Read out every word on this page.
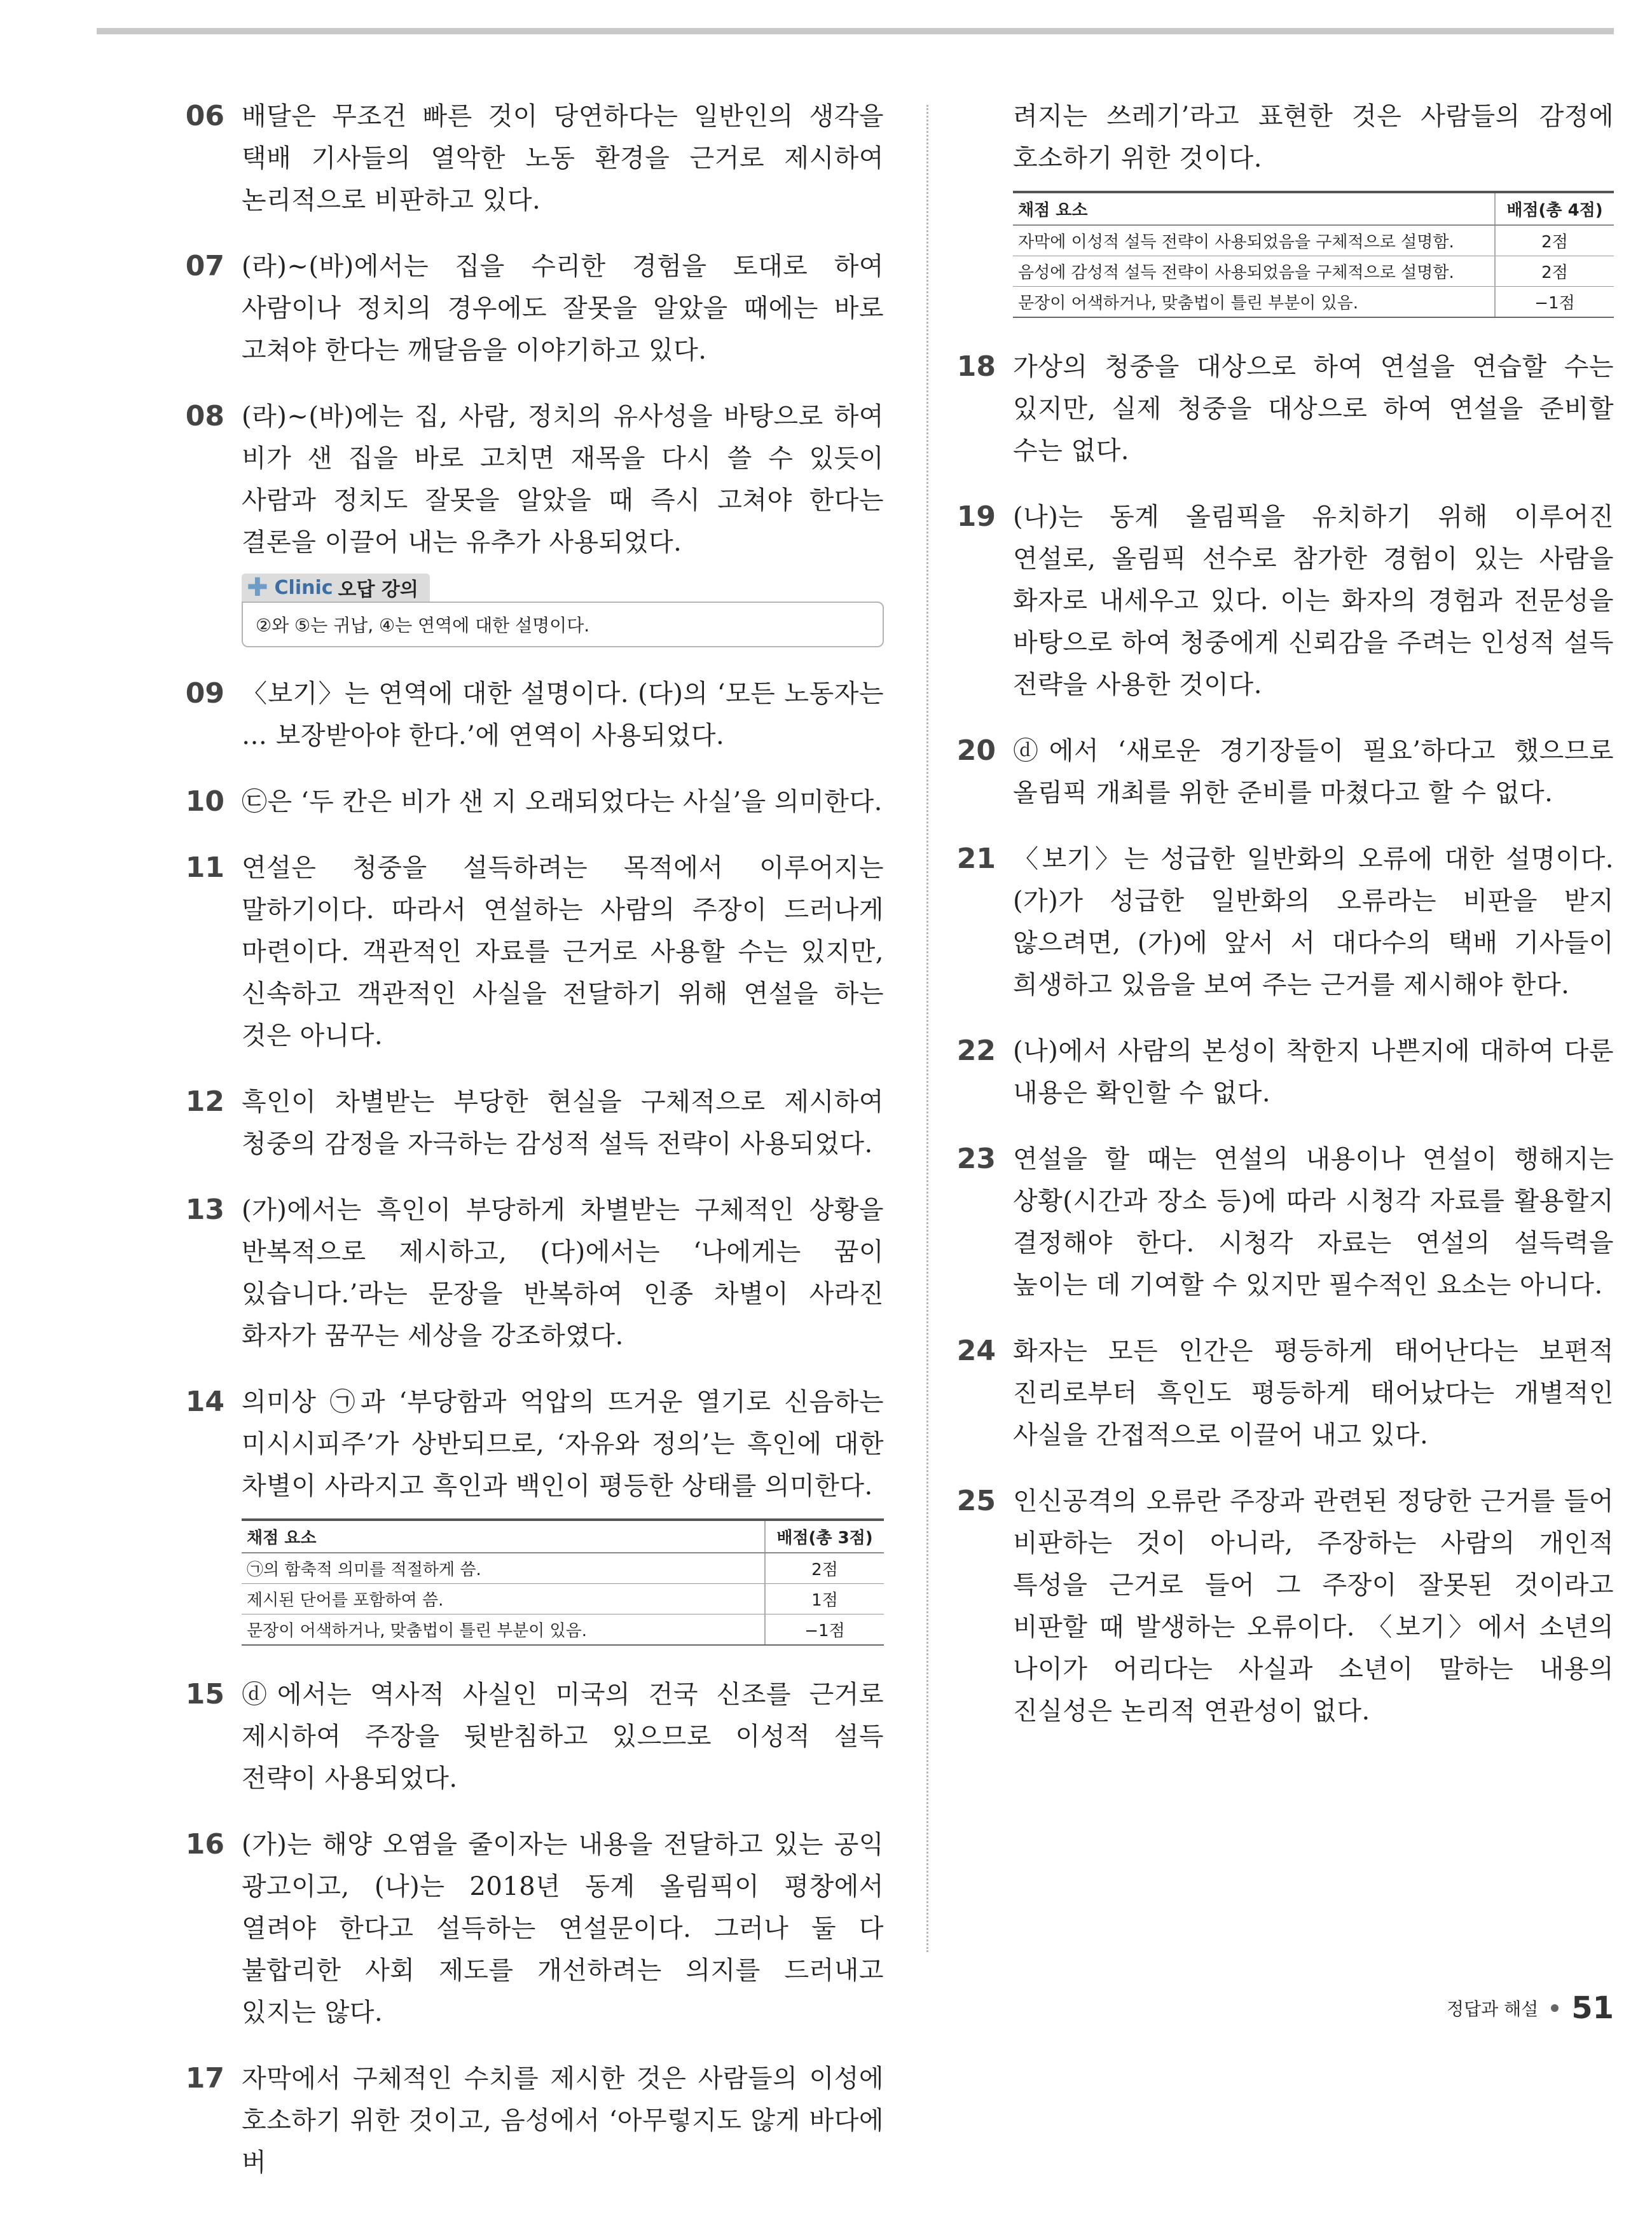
06 배달은 무조건 빠른 것이 당연하다는 일반인의 생각을 택배 기사들의 열악한 노동 환경을 근거로 제시하여 논리적으로 비판하고 있다.
07 (라)~(바)에서는 집을 수리한 경험을 토대로 하여 사람이나 정치의 경우에도 잘못을 알았을 때에는 바로 고쳐야 한다는 깨달음을 이야기하고 있다.
08 (라)~(바)에는 집, 사람, 정치의 유사성을 바탕으로 하여 비가 샌 집을 바로 고치면 재목을 다시 쓸 수 있듯이 사람과 정치도 잘못을 알았을 때 즉시 고쳐야 한다는 결론을 이끌어 내는 유추가 사용되었다.
✚ Clinic 오답 강의
②와 ⑤는 귀납, ④는 연역에 대한 설명이다.
09 〈보기〉는 연역에 대한 설명이다. (다)의 ‘모든 노동자는 … 보장받아야 한다.’에 연역이 사용되었다.
10 ㉢은 ‘두 칸은 비가 샌 지 오래되었다는 사실’을 의미한다.
11 연설은 청중을 설득하려는 목적에서 이루어지는 말하기이다. 따라서 연설하는 사람의 주장이 드러나게 마련이다. 객관적인 자료를 근거로 사용할 수는 있지만, 신속하고 객관적인 사실을 전달하기 위해 연설을 하는 것은 아니다.
12 흑인이 차별받는 부당한 현실을 구체적으로 제시하여 청중의 감정을 자극하는 감성적 설득 전략이 사용되었다.
13 (가)에서는 흑인이 부당하게 차별받는 구체적인 상황을 반복적으로 제시하고, (다)에서는 ‘나에게는 꿈이 있습니다.’라는 문장을 반복하여 인종 차별이 사라진 화자가 꿈꾸는 세상을 강조하였다.
14 의미상 ㉠과 ‘부당함과 억압의 뜨거운 열기로 신음하는 미시시피주’가 상반되므로, ‘자유와 정의’는 흑인에 대한 차별이 사라지고 흑인과 백인이 평등한 상태를 의미한다.
채점 요소	배점(총 3점)
㉠의 함축적 의미를 적절하게 씀.	2점
제시된 단어를 포함하여 씀.	1점
문장이 어색하거나, 맞춤법이 틀린 부분이 있음.	−1점
15 ⓓ에서는 역사적 사실인 미국의 건국 신조를 근거로 제시하여 주장을 뒷받침하고 있으므로 이성적 설득 전략이 사용되었다.
16 (가)는 해양 오염을 줄이자는 내용을 전달하고 있는 공익 광고이고, (나)는 2018년 동계 올림픽이 평창에서 열려야 한다고 설득하는 연설문이다. 그러나 둘 다 불합리한 사회 제도를 개선하려는 의지를 드러내고 있지는 않다.
17 자막에서 구체적인 수치를 제시한 것은 사람들의 이성에 호소하기 위한 것이고, 음성에서 ‘아무렇지도 않게 바다에 버
려지는 쓰레기’라고 표현한 것은 사람들의 감정에 호소하기 위한 것이다.
채점 요소	배점(총 4점)
자막에 이성적 설득 전략이 사용되었음을 구체적으로 설명함.	2점
음성에 감성적 설득 전략이 사용되었음을 구체적으로 설명함.	2점
문장이 어색하거나, 맞춤법이 틀린 부분이 있음.	−1점
18 가상의 청중을 대상으로 하여 연설을 연습할 수는 있지만, 실제 청중을 대상으로 하여 연설을 준비할 수는 없다.
19 (나)는 동계 올림픽을 유치하기 위해 이루어진 연설로, 올림픽 선수로 참가한 경험이 있는 사람을 화자로 내세우고 있다. 이는 화자의 경험과 전문성을 바탕으로 하여 청중에게 신뢰감을 주려는 인성적 설득 전략을 사용한 것이다.
20 ⓓ에서 ‘새로운 경기장들이 필요’하다고 했으므로 올림픽 개최를 위한 준비를 마쳤다고 할 수 없다.
21 〈보기〉는 성급한 일반화의 오류에 대한 설명이다. (가)가 성급한 일반화의 오류라는 비판을 받지 않으려면, (가)에 앞서 서 대다수의 택배 기사들이 희생하고 있음을 보여 주는 근거를 제시해야 한다.
22 (나)에서 사람의 본성이 착한지 나쁜지에 대하여 다룬 내용은 확인할 수 없다.
23 연설을 할 때는 연설의 내용이나 연설이 행해지는 상황(시간과 장소 등)에 따라 시청각 자료를 활용할지 결정해야 한다. 시청각 자료는 연설의 설득력을 높이는 데 기여할 수 있지만 필수적인 요소는 아니다.
24 화자는 모든 인간은 평등하게 태어난다는 보편적 진리로부터 흑인도 평등하게 태어났다는 개별적인 사실을 간접적으로 이끌어 내고 있다.
25 인신공격의 오류란 주장과 관련된 정당한 근거를 들어 비판하는 것이 아니라, 주장하는 사람의 개인적 특성을 근거로 들어 그 주장이 잘못된 것이라고 비판할 때 발생하는 오류이다. 〈보기〉에서 소년의 나이가 어리다는 사실과 소년이 말하는 내용의 진실성은 논리적 연관성이 없다.
정답과 해설 51
